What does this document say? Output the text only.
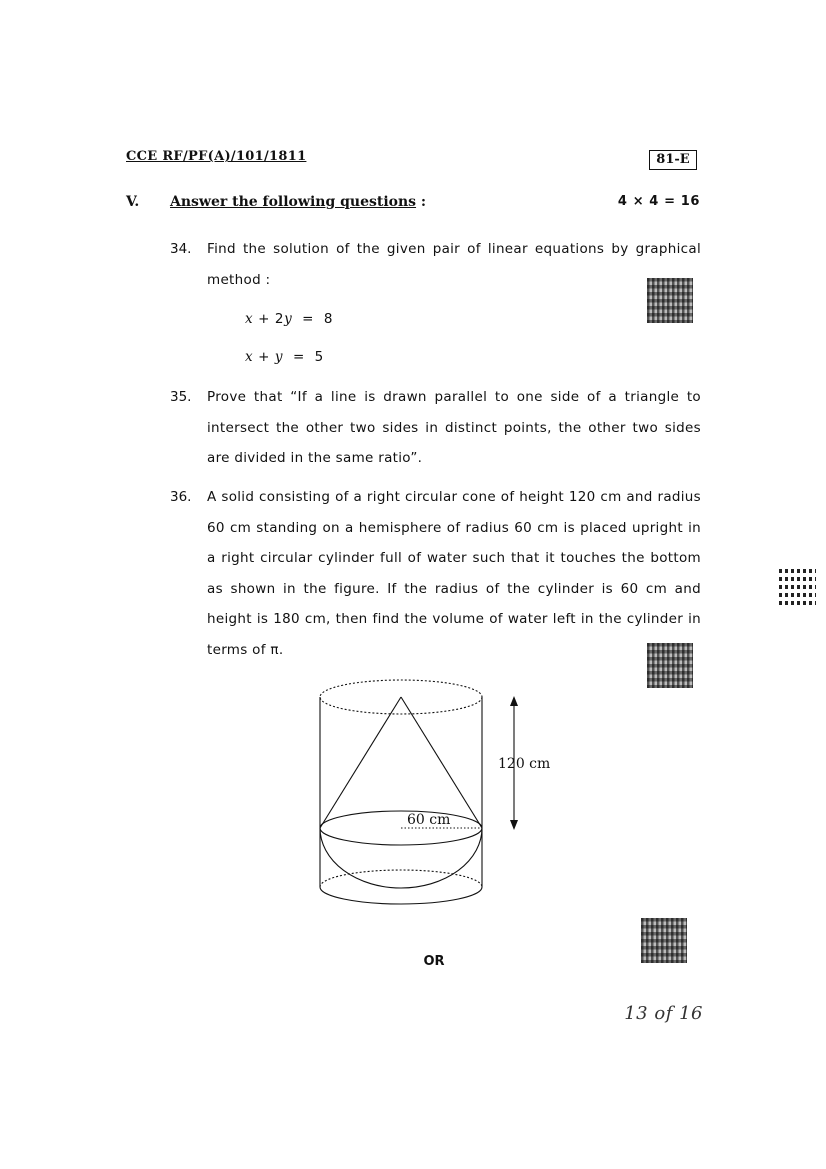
CCE RF/PF(A)/101/1811	81-E
V. Answer the following questions :	4 × 4 = 16
34. Find the solution of the given pair of linear equations by graphical method :
x + 2y  =  8
x + y  =  5
35. Prove that “If a line is drawn parallel to one side of a triangle to intersect the other two sides in distinct points, the other two sides are divided in the same ratio”.
36. A solid consisting of a right circular cone of height 120 cm and radius 60 cm standing on a hemisphere of radius 60 cm is placed upright in a right circular cylinder full of water such that it touches the bottom as shown in the figure. If the radius of the cylinder is 60 cm and height is 180 cm, then find the volume of water left in the cylinder in terms of π.
120 cm
60 cm
OR
13 of 16
